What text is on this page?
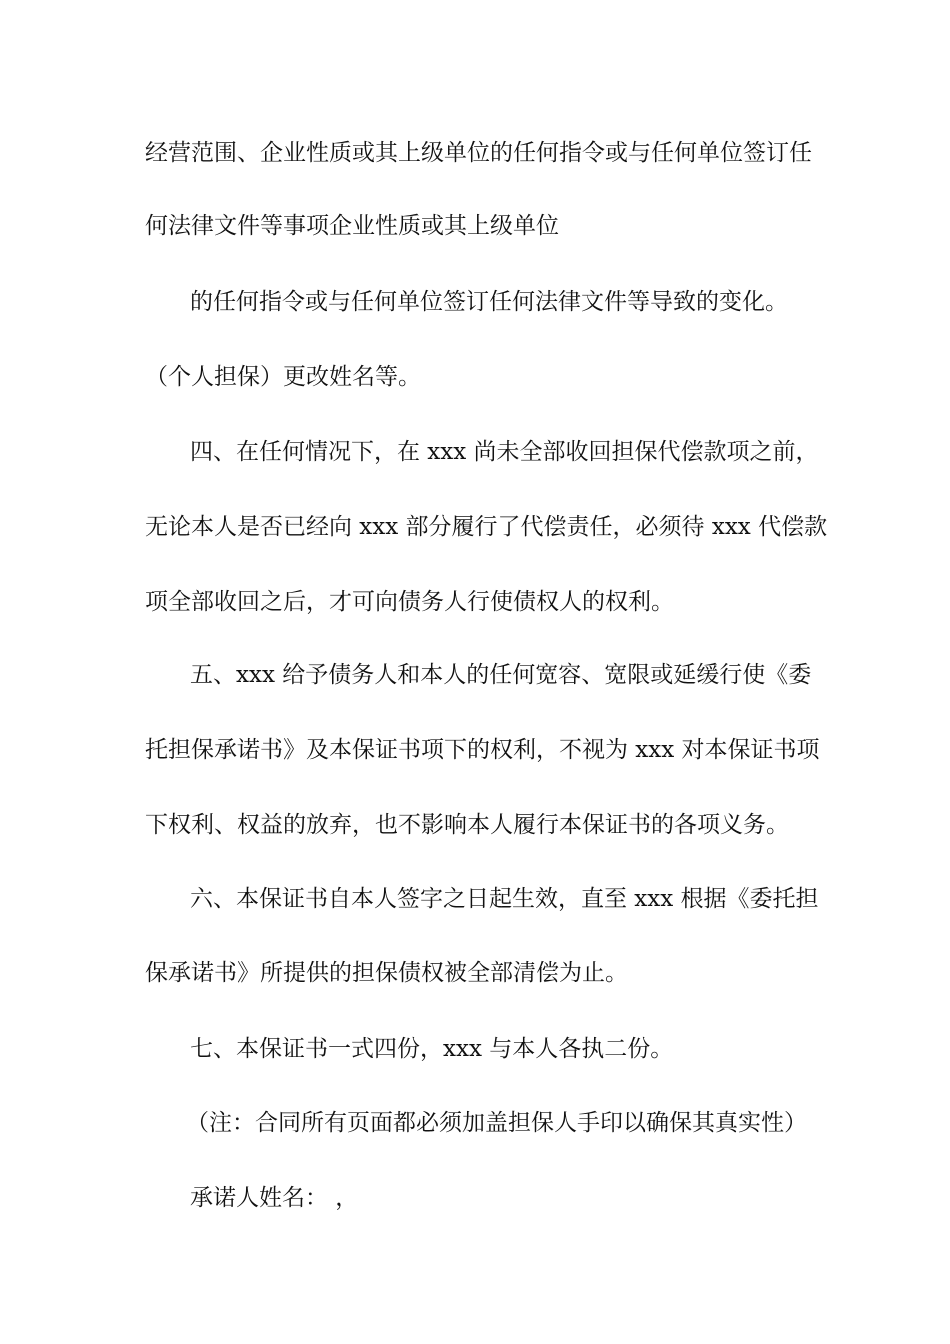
经营范围、企业性质或其上级单位的任何指令或与任何单位签订任
何法律文件等事项企业性质或其上级单位
的任何指令或与任何单位签订任何法律文件等导致的变化。
（个人担保）更改姓名等。
四、在任何情况下，在 xxx 尚未全部收回担保代偿款项之前，
无论本人是否已经向 xxx 部分履行了代偿责任，必须待 xxx 代偿款
项全部收回之后，才可向债务人行使债权人的权利。
五、xxx 给予债务人和本人的任何宽容、宽限或延缓行使《委
托担保承诺书》及本保证书项下的权利，不视为 xxx 对本保证书项
下权利、权益的放弃，也不影响本人履行本保证书的各项义务。
六、本保证书自本人签字之日起生效，直至 xxx 根据《委托担
保承诺书》所提供的担保债权被全部清偿为止。
七、本保证书一式四份，xxx 与本人各执二份。
（注：合同所有页面都必须加盖担保人手印以确保其真实性）
承诺人姓名： ，
